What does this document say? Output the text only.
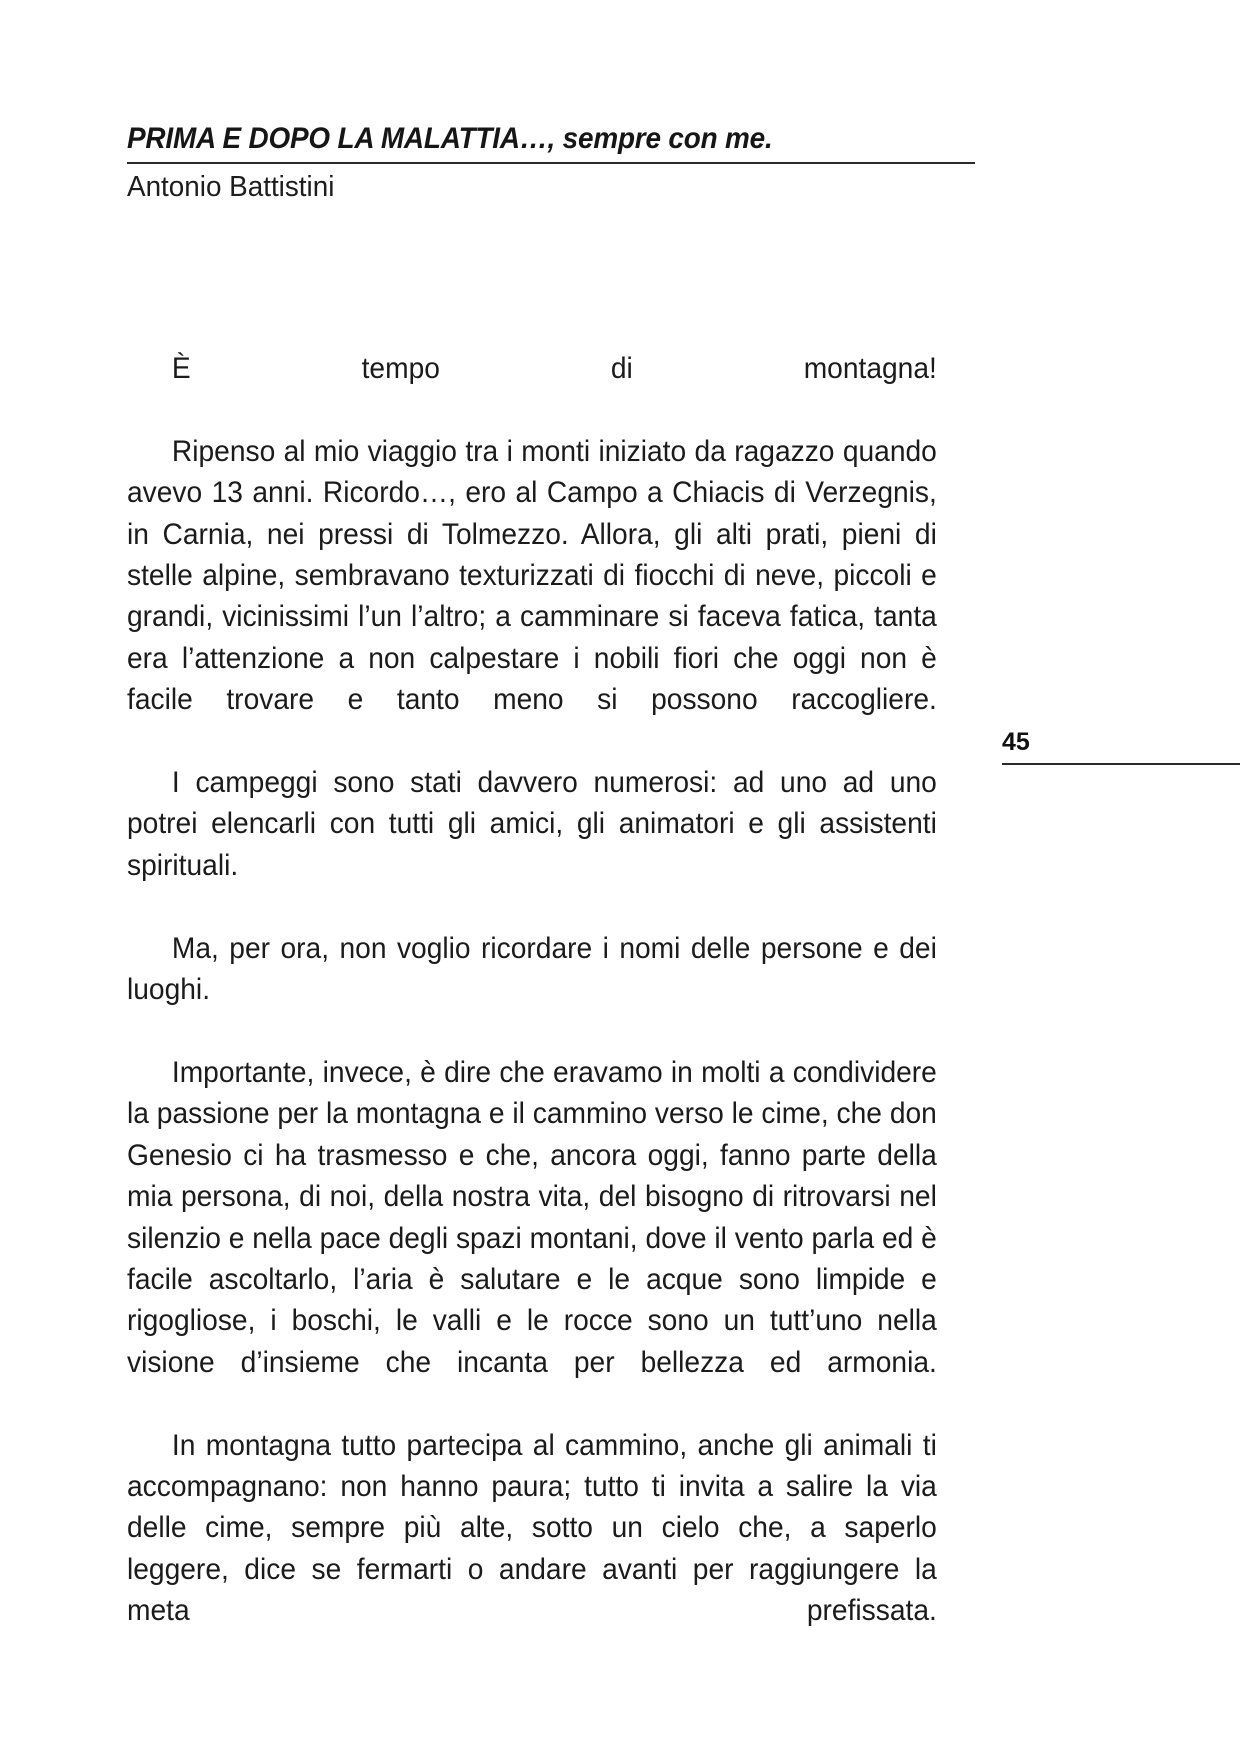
PRIMA E DOPO LA MALATTIA…, sempre con me.
Antonio Battistini

È tempo di montagna!

Ripenso al mio viaggio tra i monti iniziato da ragazzo quando avevo 13 anni. Ricordo…, ero al Campo a Chiacis di Verzegnis, in Carnia, nei pressi di Tolmezzo. Allora, gli alti prati, pieni di stelle alpine, sembravano texturizzati di fiocchi di neve, piccoli e grandi, vicinissimi l’un l’altro; a camminare si faceva fatica, tanta era l’attenzione a non calpestare i nobili fiori che oggi non è facile trovare e tanto meno si possono raccogliere.

I campeggi sono stati davvero numerosi: ad uno ad uno potrei elencarli con tutti gli amici, gli animatori e gli assistenti spirituali.

Ma, per ora, non voglio ricordare i nomi delle persone e dei luoghi.

Importante, invece, è dire che eravamo in molti a condividere la passione per la montagna e il cammino verso le cime, che don Genesio ci ha trasmesso e che, ancora oggi, fanno parte della mia persona, di noi, della nostra vita, del bisogno di ritrovarsi nel silenzio e nella pace degli spazi montani, dove il vento parla ed è facile ascoltarlo, l’aria è salutare e le acque sono limpide e rigogliose, i boschi, le valli e le rocce sono un tutt’uno nella visione d’insieme che incanta per bellezza ed armonia.

In montagna tutto partecipa al cammino, anche gli animali ti accompagnano: non hanno paura; tutto ti invita a salire la via delle cime, sempre più alte, sotto un cielo che, a saperlo leggere, dice se fermarti o andare avanti per raggiungere la meta prefissata.

45
